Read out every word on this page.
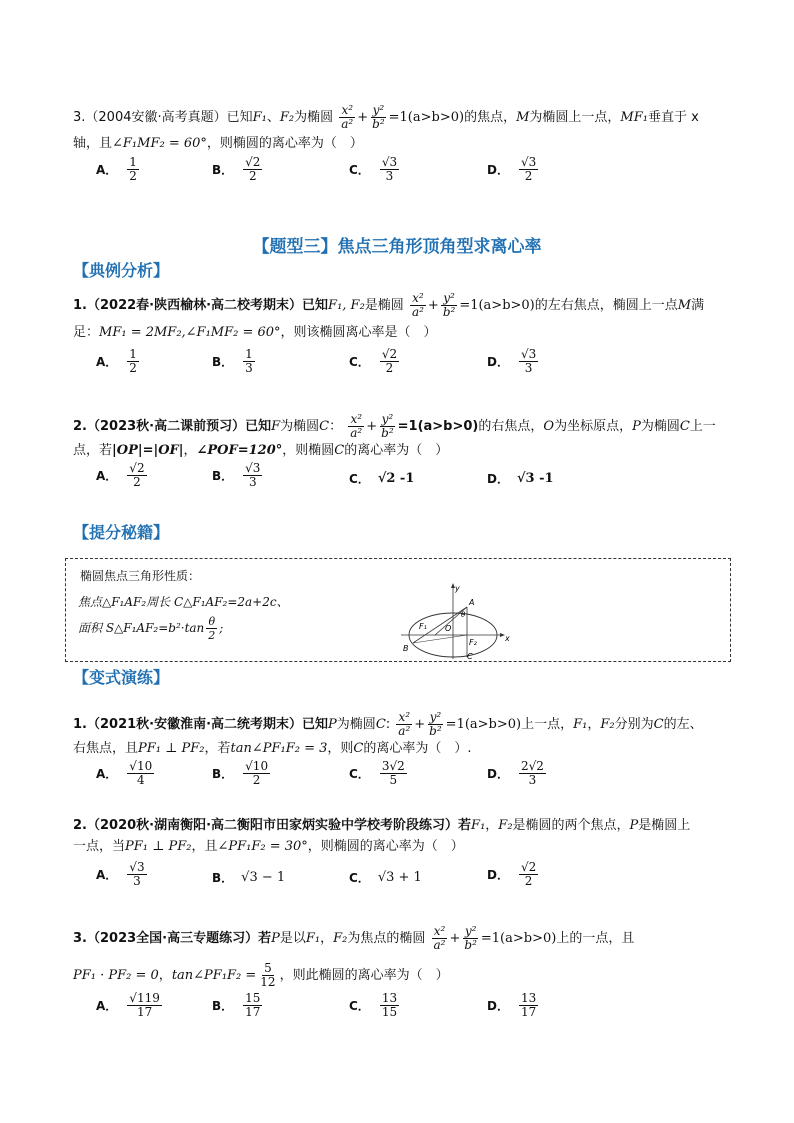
3.（2004安徽·高考真题）已知F₁、F₂为椭圆 $\frac{\text{x²}}{\text{a²}} + \frac{\text{y²}}{\text{b²}} =1(a>b>0)$的焦点，M为椭圆上一点，MF₁垂直于 x
轴，且∠F₁MF₂ = 60°，则椭圆的离心率为（　）
A． $\frac{1}{2}$	B． $\frac{√2}{2}$	C． $\frac{√3}{3}$	D． $\frac{√3}{2}$
【题型三】焦点三角形顶角型求离心率
【典例分析】
1.（2022春·陕西榆林·高二校考期末）已知F₁, F₂是椭圆 $\frac{\text{x²}}{\text{a²}} + \frac{\text{y²}}{\text{b²}} =1(a>b>0)$的左右焦点，椭圆上一点M满
足：MF₁ = 2MF₂,∠F₁MF₂ = 60°，则该椭圆离心率是（　）
A． $\frac{1}{2}$	B． $\frac{1}{3}$	C． $\frac{√2}{2}$	D． $\frac{√3}{3}$
2.（2023秋·高二课前预习）已知F为椭圆C： $\frac{\text{x²}}{\text{a²}} + \frac{\text{y²}}{\text{b²}} =1(a>b>0)$的右焦点，O为坐标原点，P为椭圆C上一
点，若|OP|=|OF|，∠POF=120°，则椭圆C的离心率为（　）
A． $\frac{√2}{2}$	B． $\frac{√3}{3}$	C． √2 -1	D． √3 -1
【提分秘籍】
椭圆焦点三角形性质：
焦点△F₁AF₂周长 C△F₁AF₂=2a+2c、
面积 S△F₁AF₂=b²·tan $\frac{\theta}{2}$ ;
y
x
A
θ
O
F₁
F₂
B
C
【变式演练】
1.（2021秋·安徽淮南·高二统考期末）已知P为椭圆C: $\frac{\text{x²}}{\text{a²}} + \frac{\text{y²}}{\text{b²}} =1(a>b>0)$上一点，F₁，F₂分别为C的左、
右焦点，且PF₁ ⊥ PF₂，若tan∠PF₁F₂ = 3，则C的离心率为（　）.
A． $\frac{√10}{4}$	B． $\frac{√10}{2}$	C． $\frac{3√2}{5}$	D． $\frac{2√2}{3}$
2.（2020秋·湖南衡阳·高二衡阳市田家炳实验中学校考阶段练习）若F₁，F₂是椭圆的两个焦点，P是椭圆上
一点，当PF₁ ⊥ PF₂，且∠PF₁F₂ = 30°，则椭圆的离心率为（　）
A． $\frac{√3}{3}$	B． √3 − 1	C． √3 + 1	D． $\frac{√2}{2}$
3.（2023全国·高三专题练习）若P是以F₁，F₂为焦点的椭圆 $\frac{\text{x²}}{\text{a²}} + \frac{\text{y²}}{\text{b²}} =1(a>b>0)$上的一点，且
PF₁ · PF₂ = 0，tan∠PF₁F₂ = $\frac{5}{12}$ ，则此椭圆的离心率为（　）
A． $\frac{√119}{17}$	B． $\frac{15}{17}$	C． $\frac{13}{15}$	D． $\frac{13}{17}$
